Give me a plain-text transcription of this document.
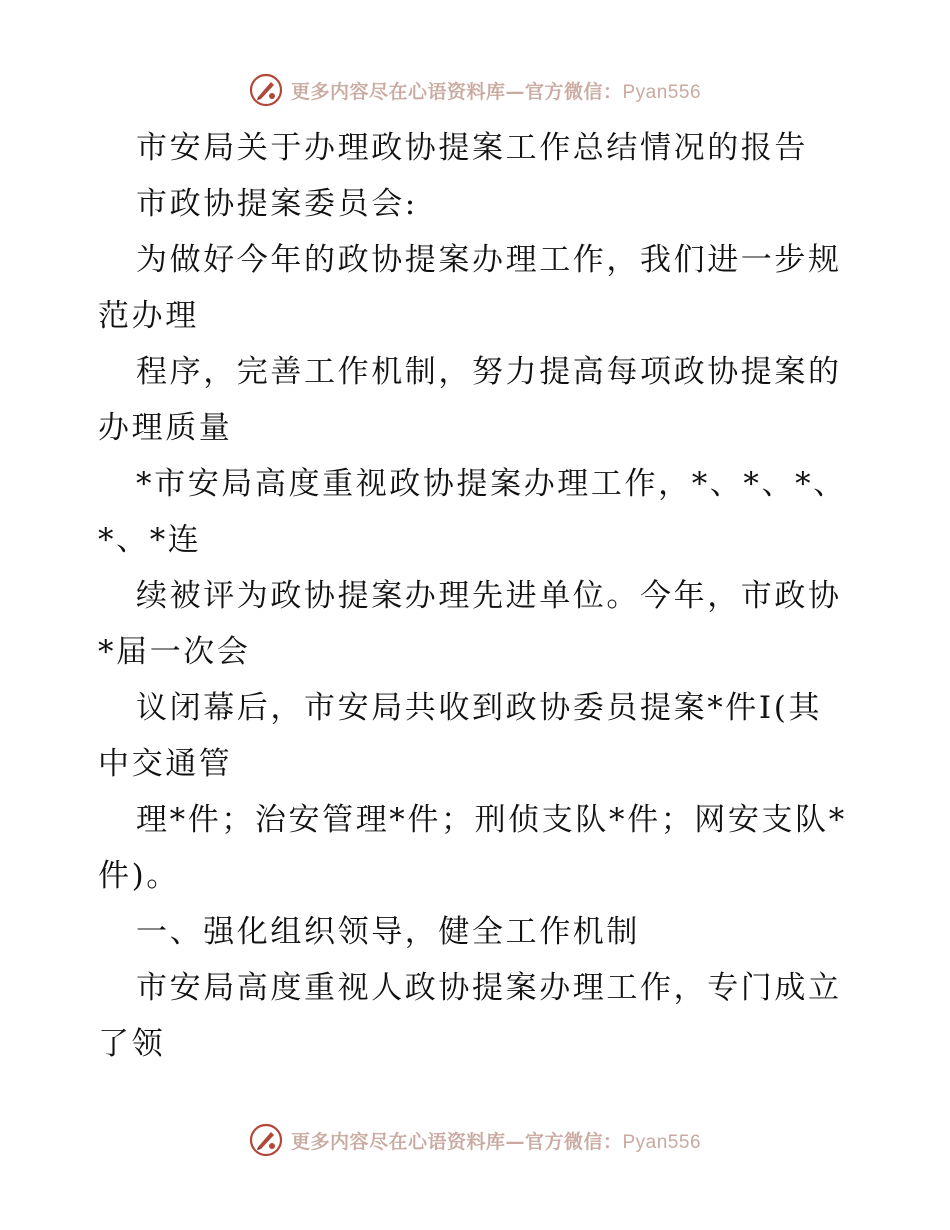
更多内容尽在心语资料库—官方微信：Pyan556
市安局关于办理政协提案工作总结情况的报告
市政协提案委员会:
为做好今年的政协提案办理工作，我们进一步规
范办理
程序，完善工作机制，努力提高每项政协提案的
办理质量
*市安局高度重视政协提案办理工作，*、*、*、
*、*连
续被评为政协提案办理先进单位。今年，市政协
*届一次会
议闭幕后，市安局共收到政协委员提案*件Ⅰ(其
中交通管
理*件；治安管理*件；刑侦支队*件；网安支队*
件)。
一、强化组织领导，健全工作机制
市安局高度重视人政协提案办理工作，专门成立
了领
更多内容尽在心语资料库—官方微信：Pyan556
